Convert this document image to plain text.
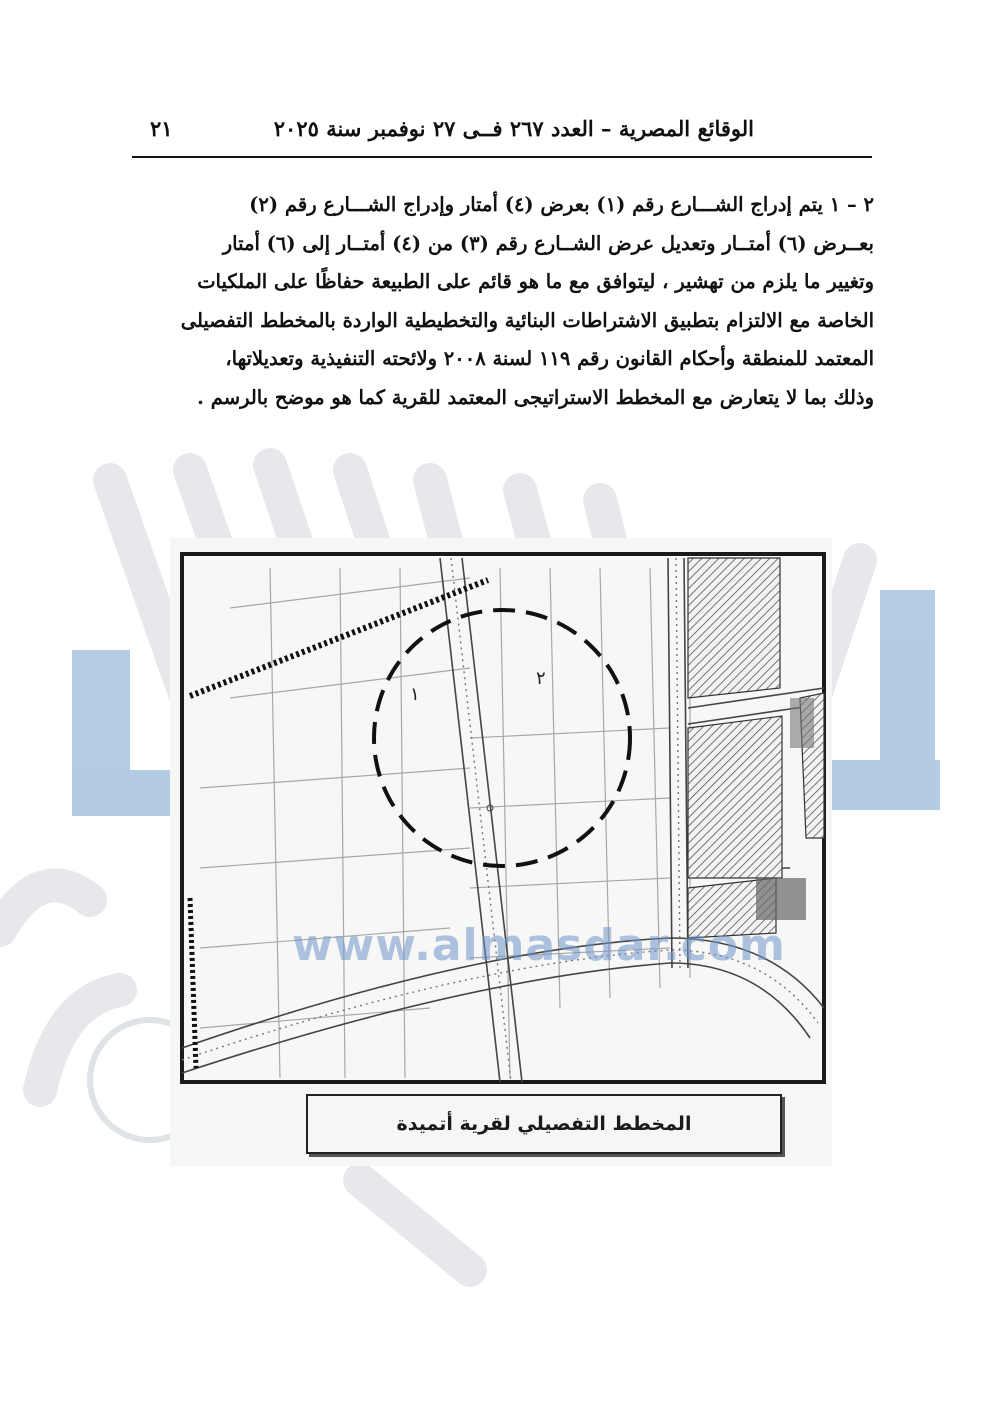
الوقائع المصرية – العدد ٢٦٧ فــى ٢٧ نوفمبر سنة ٢٠٢٥
٢١

٢ – ١ يتم إدراج الشـــارع رقم (١) بعرض (٤) أمتار وإدراج الشـــارع رقم (٢)

بعــرض (٦) أمتــار وتعديل عرض الشــارع رقم (٣) من (٤) أمتــار إلى (٦) أمتار

وتغيير ما يلزم من تهشير ، ليتوافق مع ما هو قائم على الطبيعة حفاظًا على الملكيات

الخاصة مع الالتزام بتطبيق الاشتراطات البنائية والتخطيطية الواردة بالمخطط التفصيلى

المعتمد للمنطقة وأحكام القانون رقم ١١٩ لسنة ٢٠٠٨ ولائحته التنفيذية وتعديلاتها،

وذلك بما لا يتعارض مع المخطط الاستراتيجى المعتمد للقرية كما هو موضح بالرسم .

١
٢
www.almasdar.com
المخطط التفصيلي لقرية أتميدة
